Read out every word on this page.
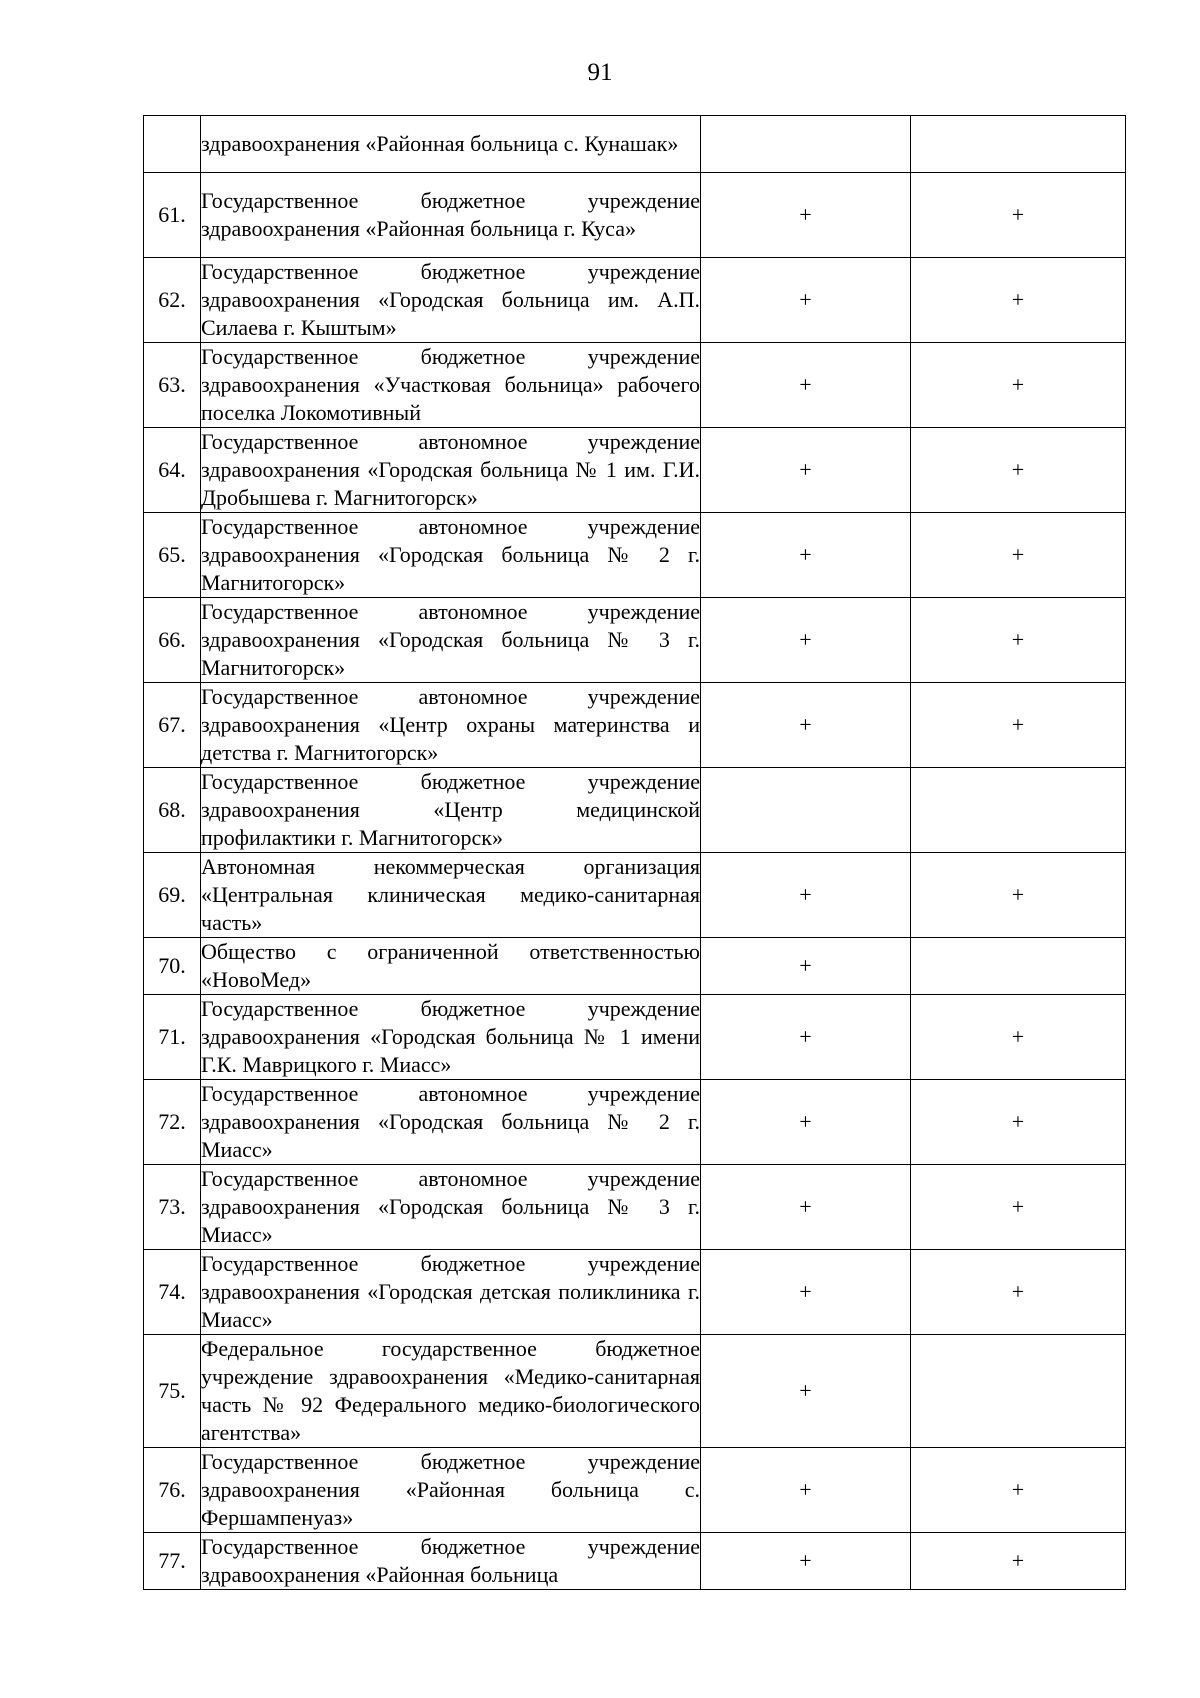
91

	здравоохранения «Районная больница с. Кунашак»		

61.	Государственное бюджетное учреждение здравоохранения «Районная больница г. Куса»	+	+
62.	Государственное бюджетное учреждение здравоохранения «Городская больница им. А.П. Силаева г. Кыштым»	+	+
63.	Государственное бюджетное учреждение здравоохранения «Участковая больница» рабочего поселка Локомотивный	+	+
64.	Государственное автономное учреждение здравоохранения «Городская больница № 1 им. Г.И. Дробышева г. Магнитогорск»	+	+
65.	Государственное автономное учреждение здравоохранения «Городская больница № 2 г. Магнитогорск»	+	+
66.	Государственное автономное учреждение здравоохранения «Городская больница № 3 г. Магнитогорск»	+	+
67.	Государственное автономное учреждение здравоохранения «Центр охраны материнства и детства г. Магнитогорск»	+	+
68.	Государственное бюджетное учреждение здравоохранения «Центр медицинской профилактики г. Магнитогорск»		

69.	Автономная некоммерческая организация «Центральная клиническая медико-санитарная часть»	+	+
70.	Общество с ограниченной ответственностью «НовоМед»	+	
71.	Государственное бюджетное учреждение здравоохранения «Городская больница № 1 имени Г.К. Маврицкого г. Миасс»	+	+
72.	Государственное автономное учреждение здравоохранения «Городская больница № 2 г. Миасс»	+	+
73.	Государственное автономное учреждение здравоохранения «Городская больница № 3 г. Миасс»	+	+
74.	Государственное бюджетное учреждение здравоохранения «Городская детская поликлиника г. Миасс»	+	+
75.	Федеральное государственное бюджетное учреждение здравоохранения «Медико-санитарная часть № 92 Федерального медико-биологического агентства»	+	
76.	Государственное бюджетное учреждение здравоохранения «Районная больница с. Фершампенуаз»	+	+
77.	Государственное бюджетное учреждение здравоохранения «Районная больница	+	+
